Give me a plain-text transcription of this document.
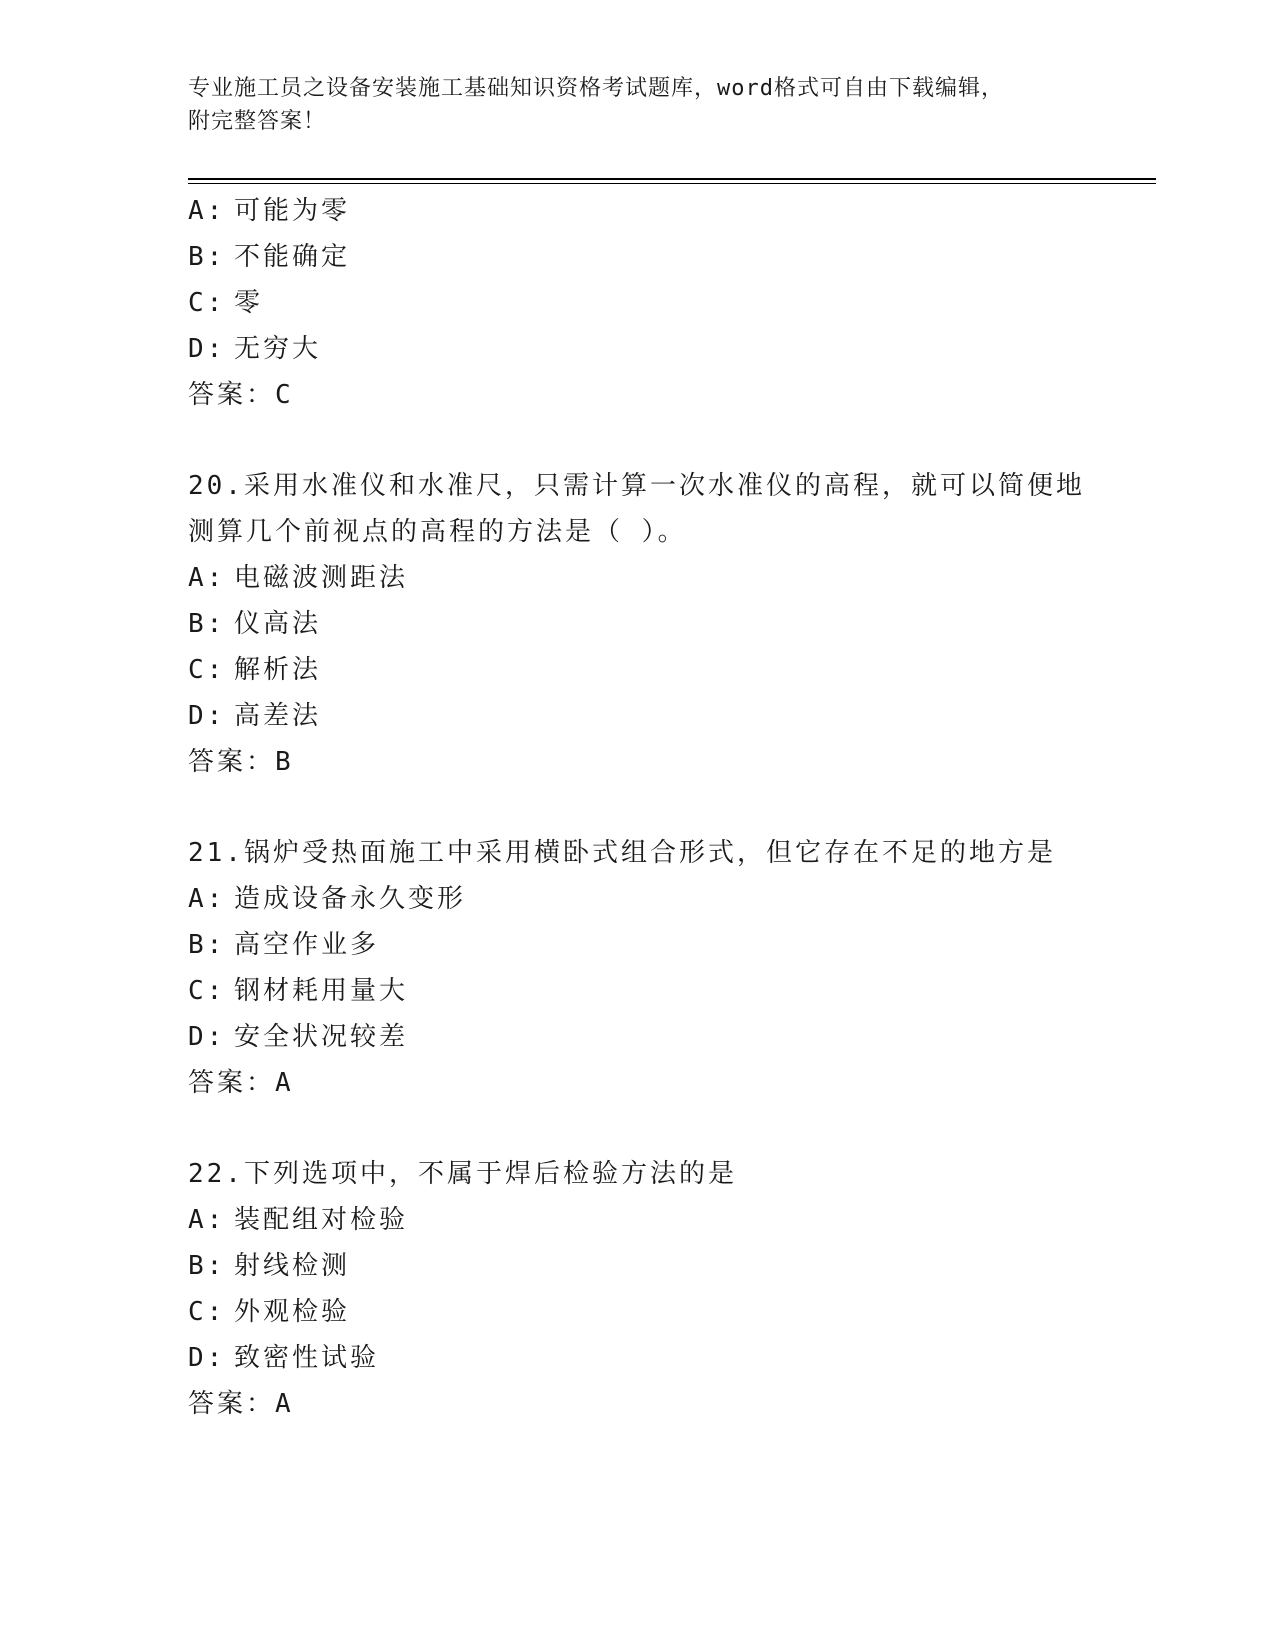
专业施工员之设备安装施工基础知识资格考试题库，word格式可自由下载编辑，
附完整答案！
A: 可能为零
B: 不能确定
C: 零
D: 无穷大
答案：C
20.采用水准仪和水准尺，只需计算一次水准仪的高程，就可以简便地
测算几个前视点的高程的方法是（ ）。
A: 电磁波测距法
B: 仪高法
C: 解析法
D: 高差法
答案：B
21.锅炉受热面施工中采用横卧式组合形式，但它存在不足的地方是
A: 造成设备永久变形
B: 高空作业多
C: 钢材耗用量大
D: 安全状况较差
答案：A
22.下列选项中，不属于焊后检验方法的是
A: 装配组对检验
B: 射线检测
C: 外观检验
D: 致密性试验
答案：A
